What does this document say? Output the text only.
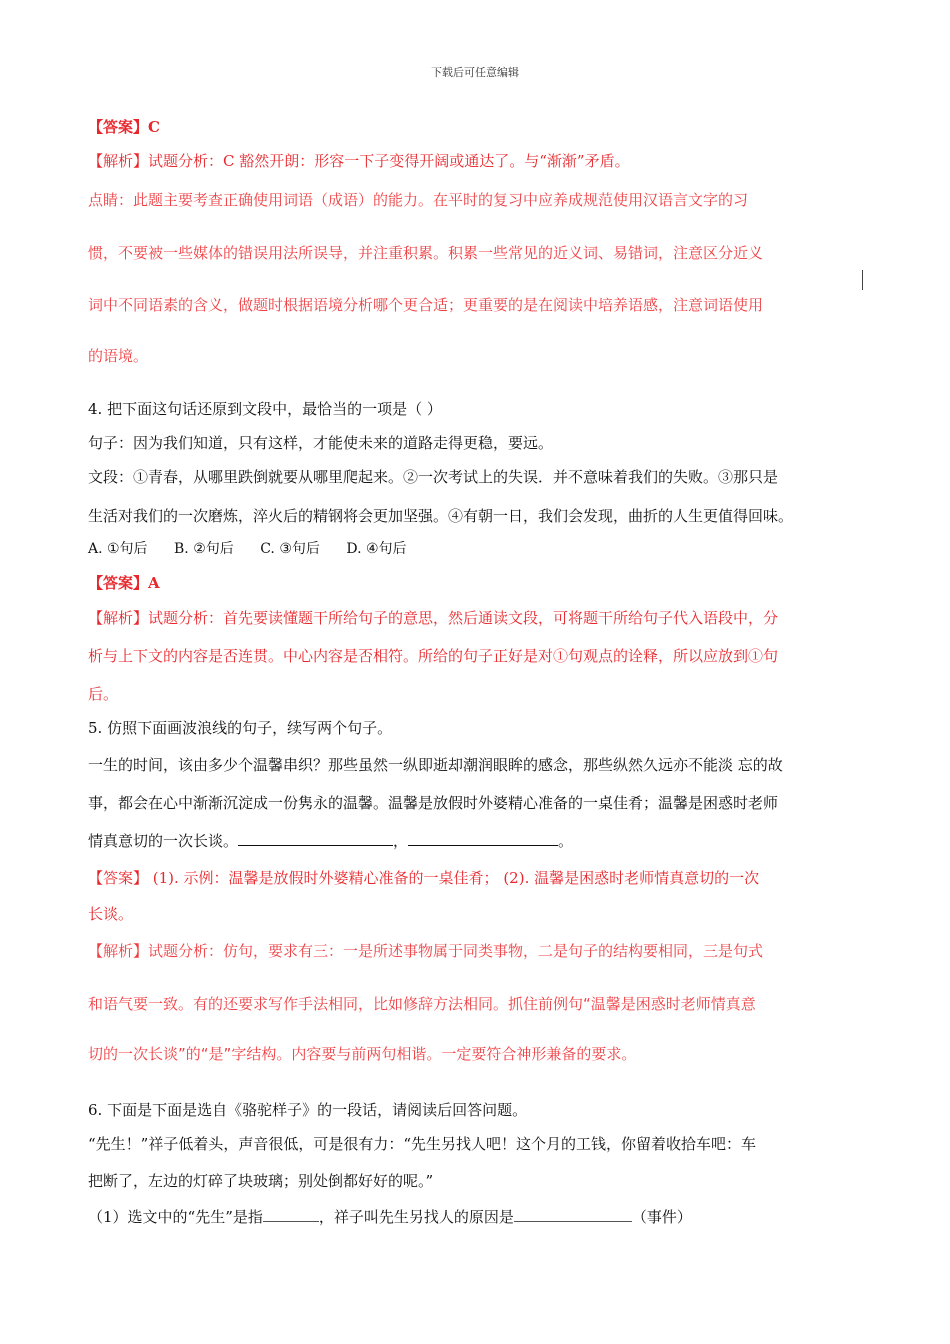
下载后可任意编辑
【答案】C
【解析】试题分析：C 豁然开朗：形容一下子变得开阔或通达了。与“渐渐”矛盾。
点睛：此题主要考查正确使用词语（成语）的能力。在平时的复习中应养成规范使用汉语言文字的习
惯，不要被一些媒体的错误用法所误导，并注重积累。积累一些常见的近义词、易错词，注意区分近义
词中不同语素的含义，做题时根据语境分析哪个更合适；更重要的是在阅读中培养语感，注意词语使用
的语境。
4. 把下面这句话还原到文段中，最恰当的一项是（ ）
句子：因为我们知道，只有这样，才能使未来的道路走得更稳，要远。
文段：①青春，从哪里跌倒就要从哪里爬起来。②一次考试上的失误．并不意味着我们的失败。③那只是
生活对我们的一次磨炼，淬火后的精钢将会更加坚强。④有朝一日，我们会发现，曲折的人生更值得回味。
A. ①句后 B. ②句后 C. ③句后 D. ④句后
【答案】A
【解析】试题分析：首先要读懂题干所给句子的意思，然后通读文段，可将题干所给句子代入语段中，分
析与上下文的内容是否连贯。中心内容是否相符。所给的句子正好是对①句观点的诠释，所以应放到①句
后。
5. 仿照下面画波浪线的句子，续写两个句子。
一生的时间，该由多少个温馨串织？那些虽然一纵即逝却潮润眼眸的感念，那些纵然久远亦不能淡 忘的故
事，都会在心中渐渐沉淀成一份隽永的温馨。温馨是放假时外婆精心准备的一桌佳肴；温馨是困惑时老师
情真意切的一次长谈。	，	。
【答案】 (1). 示例：温馨是放假时外婆精心准备的一桌佳肴； (2). 温馨是困惑时老师情真意切的一次
长谈。
【解析】试题分析：仿句，要求有三：一是所述事物属于同类事物，二是句子的结构要相同，三是句式
和语气要一致。有的还要求写作手法相同，比如修辞方法相同。抓住前例句“温馨是困惑时老师情真意
切的一次长谈”的“是”字结构。内容要与前两句相谐。一定要符合神形兼备的要求。
6. 下面是下面是选自《骆驼样子》的一段话，请阅读后回答问题。
“先生！”祥子低着头，声音很低，可是很有力：“先生另找人吧！这个月的工钱，你留着收拾车吧：车
把断了，左边的灯碎了块玻璃；别处倒都好好的呢。”
（1）选文中的“先生”是指	，祥子叫先生另找人的原因是	（事件）
